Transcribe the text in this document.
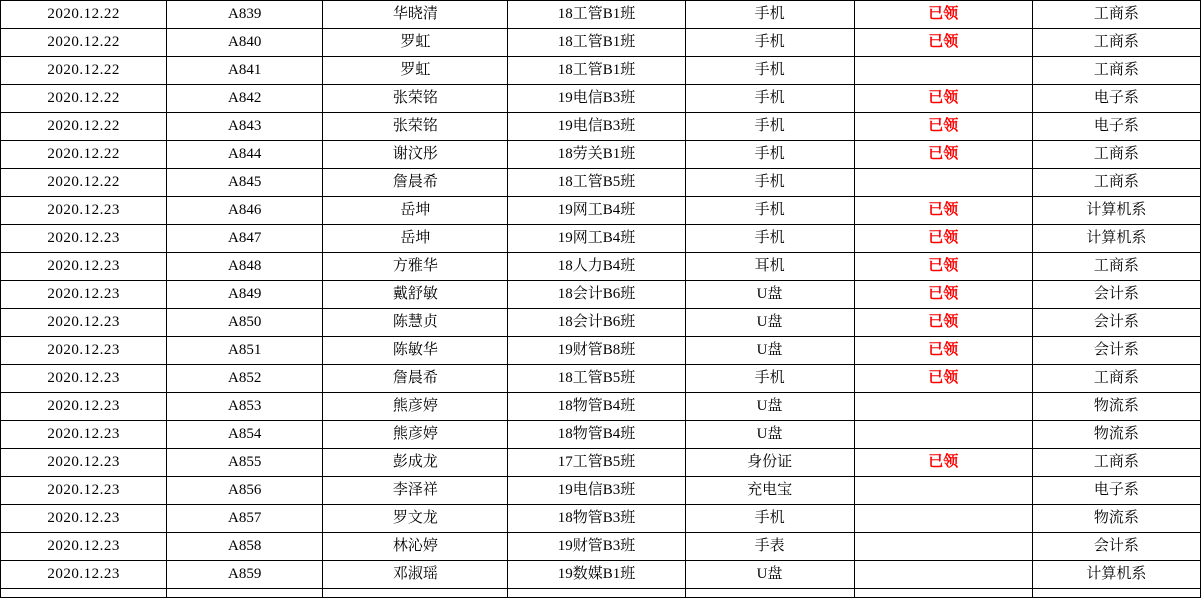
2020.12.22	A839	华晓清	18工管B1班	手机	已领	工商系
2020.12.22	A840	罗虹	18工管B1班	手机	已领	工商系
2020.12.22	A841	罗虹	18工管B1班	手机		工商系
2020.12.22	A842	张荣铭	19电信B3班	手机	已领	电子系
2020.12.22	A843	张荣铭	19电信B3班	手机	已领	电子系
2020.12.22	A844	谢汶彤	18劳关B1班	手机	已领	工商系
2020.12.22	A845	詹晨希	18工管B5班	手机		工商系
2020.12.23	A846	岳坤	19网工B4班	手机	已领	计算机系
2020.12.23	A847	岳坤	19网工B4班	手机	已领	计算机系
2020.12.23	A848	方雅华	18人力B4班	耳机	已领	工商系
2020.12.23	A849	戴舒敏	18会计B6班	U盘	已领	会计系
2020.12.23	A850	陈慧贞	18会计B6班	U盘	已领	会计系
2020.12.23	A851	陈敏华	19财管B8班	U盘	已领	会计系
2020.12.23	A852	詹晨希	18工管B5班	手机	已领	工商系
2020.12.23	A853	熊彦婷	18物管B4班	U盘		物流系
2020.12.23	A854	熊彦婷	18物管B4班	U盘		物流系
2020.12.23	A855	彭成龙	17工管B5班	身份证	已领	工商系
2020.12.23	A856	李泽祥	19电信B3班	充电宝		电子系
2020.12.23	A857	罗文龙	18物管B3班	手机		物流系
2020.12.23	A858	林沁婷	19财管B3班	手表		会计系
2020.12.23	A859	邓淑瑶	19数媒B1班	U盘		计算机系
